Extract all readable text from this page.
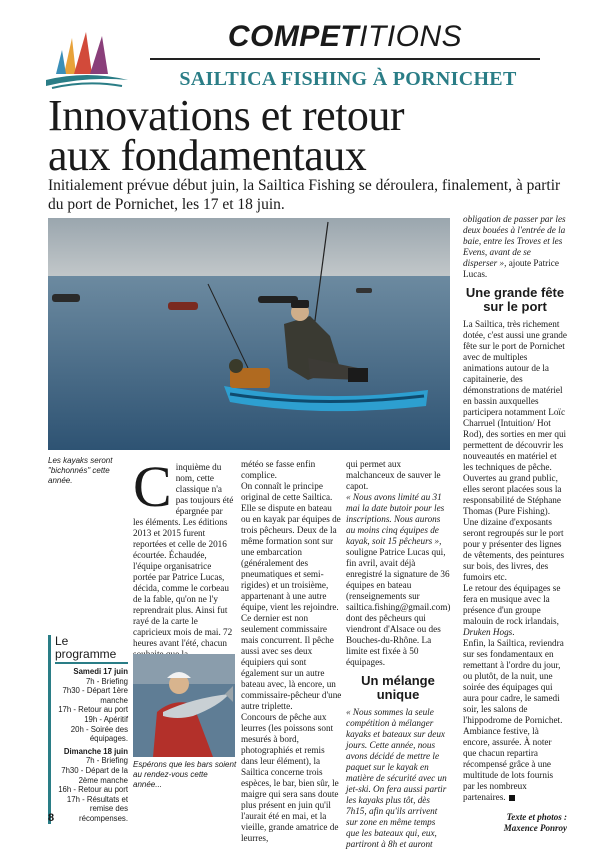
COMPETITIONS
SAILTICA FISHING À PORNICHET
Innovations et retour
aux fondamentaux

Initialement prévue début juin, la Sailtica Fishing se déroulera, finalement, à partir du port de Pornichet, les 17 et 18 juin.

Les kayaks seront "bichonnés" cette année.	C inquième du nom, cette classique n'a pas toujours été épargnée par les éléments. Les éditions 2013 et 2015 furent reportées et celle de 2016 écourtée. Échaudée, l'équipe organisatrice portée par Patrice Lucas, décida, comme le corbeau de la fable, qu'on ne l'y reprendrait plus. Ainsi fut rayé de la carte le capricieux mois de mai. 72 heures avant l'été, chacun

météo se fasse enfin complice.

On connaît le principe original de cette Sailtica. Elle se dispute en bateau ou en kayak par équipes de trois pêcheurs. Deux de la même formation sont sur une embarcation (généralement des pneumatiques et semi-rigides) et un troisième, appartenant à une autre équipe, vient les rejoindre.

Ce dernier est non seulement commissaire mais concurrent. Il pêche aussi avec ses deux équipiers qui sont également sur un autre bateau avec, là encore, un commissaire-pêcheur d'une autre triplette.

Concours de pêche aux leurres (les poissons sont mesurés à bord, photographiés et remis dans leur élément), la Sailtica concerne trois espèces, le bar, bien sûr, le maigre qui sera sans doute plus présent en juin qu'il l'aurait été en mai, et la vieille, grande amatrice de leurres,

qui permet aux malchanceux de sauver le capot.

« Nous avons limité au 31 mai la date butoir pour les inscriptions. Nous aurons au moins cinq équipes de kayak, soit 15 pêcheurs », souligne Patrice Lucas qui, fin avril, avait déjà enregistré la signature de 36 équipes en bateau (renseignements sur sailtica.fishing@gmail.com) dont des pêcheurs qui viendront d'Alsace ou des Bouches-du-Rhône. La limite est fixée à 50 équipages.

Un mélange unique

« Nous sommes la seule compétition à mélanger kayaks et bateaux sur deux jours. Cette année, nous avons décidé de mettre le paquet sur le kayak en matière de sécurité avec un jet-ski. On fera aussi partir les kayaks plus tôt, dès 7h15, afin qu'ils arrivent sur zone en même temps que les bateaux qui, eux, partiront à 8h et auront

obligation de passer par les deux bouées à l'entrée de la baie, entre les Troves et les Evens, avant de se disperser », ajoute Patrice Lucas.

Une grande fête sur le port

La Sailtica, très richement dotée, c'est aussi une grande fête sur le port de Pornichet avec de multiples animations autour de la capitainerie, des démonstrations de matériel en bassin auxquelles participera notamment Loïc Charruel (Intuition/ Hot Rod), des sorties en mer qui permettent de découvrir les nouveautés en matériel et les techniques de pêche. Ouvertes au grand public, elles seront placées sous la responsabilité de Stéphane Thomas (Pure Fishing). Une dizaine d'exposants seront regroupés sur le port pour y présenter des lignes de vêtements, des peintures sur bois, des livres, des fumoirs etc.

Le retour des équipages se fera en musique avec la présence d'un groupe malouin de rock irlandais, Druken Hogs.

Enfin, la Sailtica, reviendra sur ses fondamentaux en remettant à l'ordre du jour, ou plutôt, de la nuit, une soirée des équipages qui aura pour cadre, le samedi soir, les salons de l'hippodrome de Pornichet. Ambiance festive, là encore, assurée. À noter que chacun repartira récompensé grâce à une multitude de lots fournis par les nombreux partenaires.

Le programme
Samedi 17 juin
7h - Briefing
7h30 - Départ 1ère manche
17h - Retour au port
19h - Apéritif
20h - Soirée des équipages.
Dimanche 18 juin
7h - Briefing
7h30 - Départ de la 2ème manche
16h - Retour au port
17h - Résultats et remise des récompenses.

Espérons que les bars soient au rendez-vous cette année...

Texte et photos :
Maxence Ponroy
8
